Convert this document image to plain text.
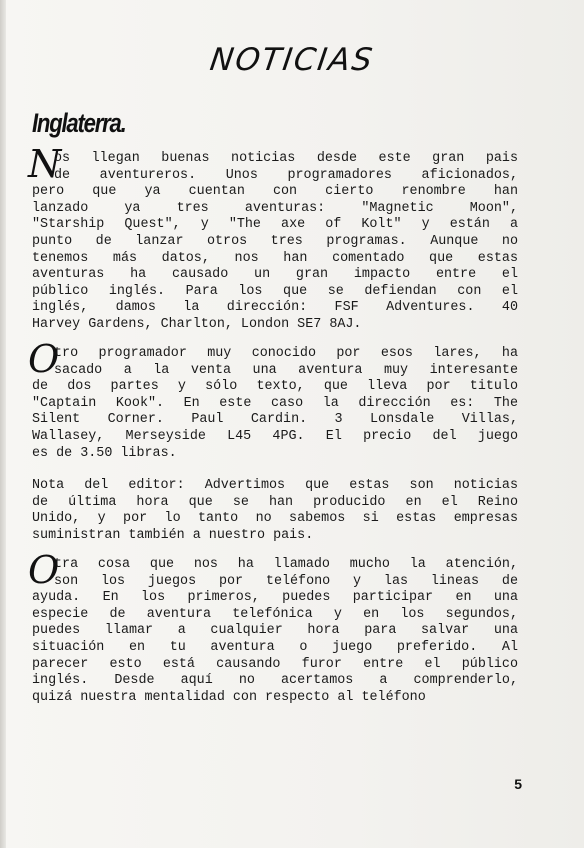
NOTICIAS
Inglaterra.
N
os llegan buenas noticias desde este gran pais
de aventureros. Unos programadores aficionados,
pero que ya cuentan con cierto renombre han
lanzado ya tres aventuras: "Magnetic Moon",
"Starship Quest", y "The axe of Kolt" y están a
punto de lanzar otros tres programas. Aunque no
tenemos más datos, nos han comentado que estas
aventuras ha causado un gran impacto entre el
público inglés. Para los que se defiendan con el
inglés, damos la dirección: FSF Adventures. 40
Harvey Gardens, Charlton, London SE7 8AJ.
O
tro programador muy conocido por esos lares, ha
sacado a la venta una aventura muy interesante
de dos partes y sólo texto, que lleva por titulo
"Captain Kook". En este caso la dirección es: The
Silent Corner. Paul Cardin. 3 Lonsdale Villas,
Wallasey, Merseyside L45 4PG. El precio del juego
es de 3.50 libras.
Nota del editor: Advertimos que estas son noticias
de última hora que se han producido en el Reino
Unido, y por lo tanto no sabemos si estas empresas
suministran también a nuestro pais.
O
tra cosa que nos ha llamado mucho la atención,
son los juegos por teléfono y las lineas de
ayuda. En los primeros, puedes participar en una
especie de aventura telefónica y en los segundos,
puedes llamar a cualquier hora para salvar una
situación en tu aventura o juego preferido. Al
parecer esto está causando furor entre el público
inglés. Desde aquí no acertamos a comprenderlo,
quizá nuestra mentalidad con respecto al teléfono
5
